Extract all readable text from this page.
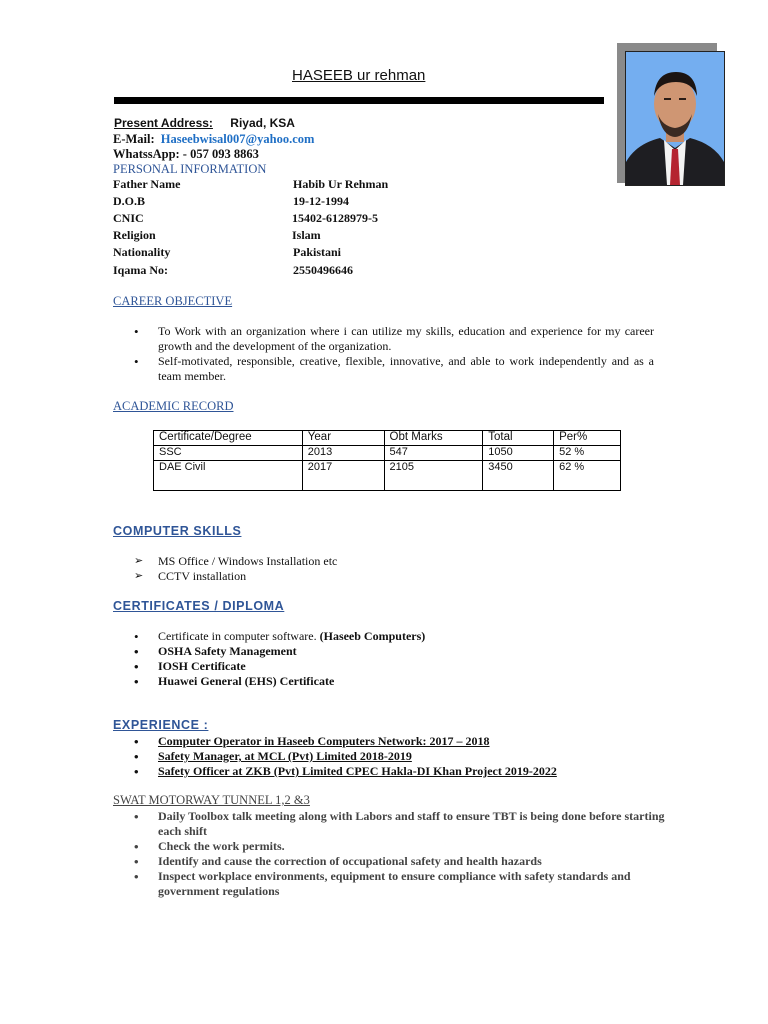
HASEEB ur rehman
Present Address: Riyad, KSA
E-Mail: Haseebwisal007@yahoo.com
WhatssApp: - 057 093 8863
PERSONAL INFORMATION
Father Name	Habib Ur Rehman
D.O.B	19-12-1994
CNIC	15402-6128979-5
Religion	Islam
Nationality	Pakistani
Iqama No:	2550496646
CAREER OBJECTIVE
• To Work with an organization where i can utilize my skills, education and experience for my career growth and the development of the organization.
• Self-motivated, responsible, creative, flexible, innovative, and able to work independently and as a team member.
ACADEMIC RECORD
Certificate/Degree	Year	Obt Marks	Total	Per%
SSC	2013	547	1050	52 %
DAE Civil	2017	2105	3450	62 %
COMPUTER SKILLS
➢ MS Office / Windows Installation etc
➢ CCTV installation
CERTIFICATES / DIPLOMA
• Certificate in computer software. (Haseeb Computers)
• OSHA Safety Management
• IOSH Certificate
• Huawei General (EHS) Certificate
EXPERIENCE :
• Computer Operator in Haseeb Computers Network: 2017 – 2018
• Safety Manager, at MCL (Pvt) Limited 2018-2019
• Safety Officer at ZKB (Pvt) Limited CPEC Hakla-DI Khan Project 2019-2022
SWAT MOTORWAY TUNNEL 1,2 &3
• Daily Toolbox talk meeting along with Labors and staff to ensure TBT is being done before starting each shift
• Check the work permits.
• Identify and cause the correction of occupational safety and health hazards
• Inspect workplace environments, equipment to ensure compliance with safety standards and government regulations
